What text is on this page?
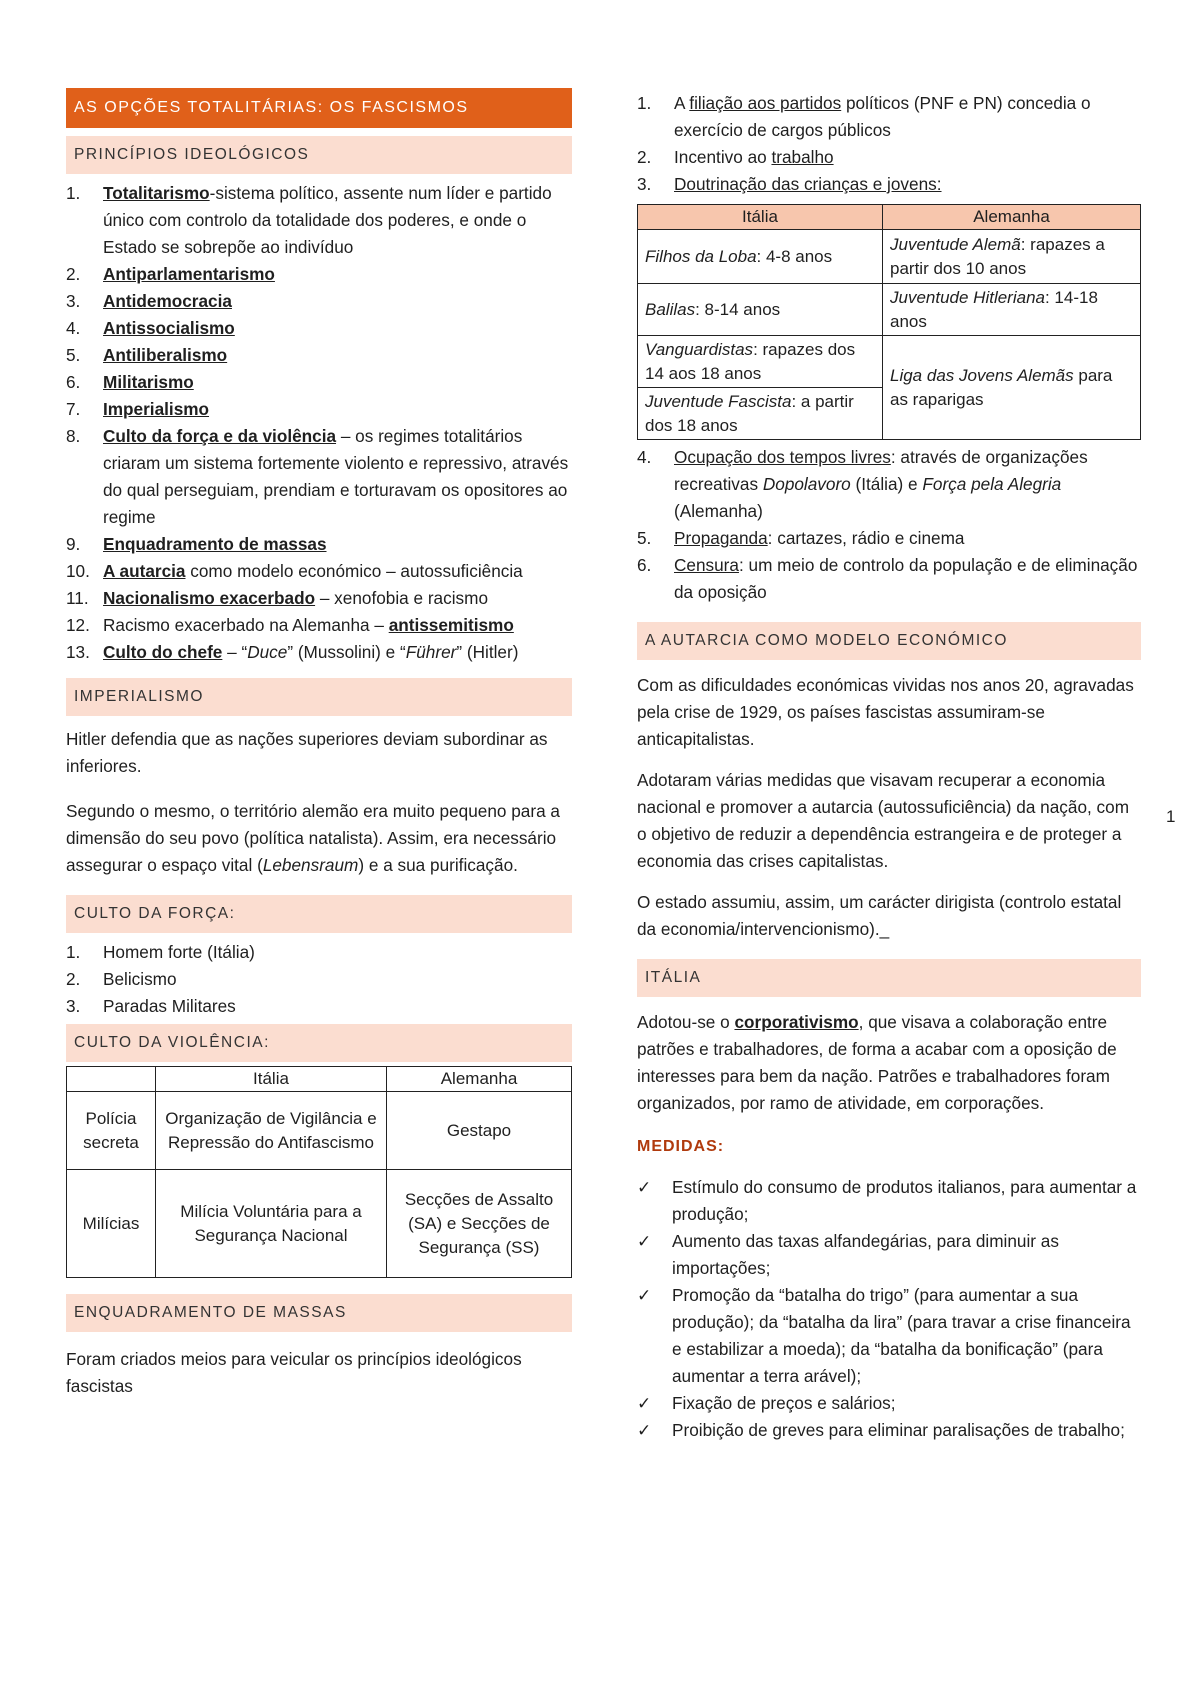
AS OPÇÕES TOTALITÁRIAS: OS FASCISMOS
PRINCÍPIOS IDEOLÓGICOS
1. Totalitarismo-sistema político, assente num líder e partido único com controlo da totalidade dos poderes, e onde o Estado se sobrepõe ao indivíduo
2. Antiparlamentarismo
3. Antidemocracia
4. Antissocialismo
5. Antiliberalismo
6. Militarismo
7. Imperialismo
8. Culto da força e da violência – os regimes totalitários criaram um sistema fortemente violento e repressivo, através do qual perseguiam, prendiam e torturavam os opositores ao regime
9. Enquadramento de massas
10. A autarcia como modelo económico – autossuficiência
11. Nacionalismo exacerbado – xenofobia e racismo
12. Racismo exacerbado na Alemanha – antissemitismo
13. Culto do chefe – “Duce” (Mussolini) e “Führer” (Hitler)
IMPERIALISMO

Hitler defendia que as nações superiores deviam subordinar as inferiores.

Segundo o mesmo, o território alemão era muito pequeno para a dimensão do seu povo (política natalista). Assim, era necessário assegurar o espaço vital (Lebensraum) e a sua purificação.

CULTO DA FORÇA:
1. Homem forte (Itália)
2. Belicismo
3. Paradas Militares
CULTO DA VIOLÊNCIA:
	Itália	Alemanha
Polícia secreta	Organização de Vigilância e Repressão do Antifascismo	Gestapo
Milícias	Milícia Voluntária para a Segurança Nacional	Secções de Assalto (SA) e Secções de Segurança (SS)
ENQUADRAMENTO DE MASSAS

Foram criados meios para veicular os princípios ideológicos fascistas

1. A filiação aos partidos políticos (PNF e PN) concedia o exercício de cargos públicos
2. Incentivo ao trabalho
3. Doutrinação das crianças e jovens:
Itália	Alemanha
Filhos da Loba: 4-8 anos	Juventude Alemã: rapazes a partir dos 10 anos
Balilas: 8-14 anos	Juventude Hitleriana: 14-18 anos
Vanguardistas: rapazes dos 14 aos 18 anos	Liga das Jovens Alemãs para as raparigas
Juventude Fascista: a partir dos 18 anos	
4. Ocupação dos tempos livres: através de organizações recreativas Dopolavoro (Itália) e Força pela Alegria (Alemanha)
5. Propaganda: cartazes, rádio e cinema
6. Censura: um meio de controlo da população e de eliminação da oposição
A AUTARCIA COMO MODELO ECONÓMICO

Com as dificuldades económicas vividas nos anos 20, agravadas pela crise de 1929, os países fascistas assumiram-se anticapitalistas.

Adotaram várias medidas que visavam recuperar a economia nacional e promover a autarcia (autossuficiência) da nação, com o objetivo de reduzir a dependência estrangeira e de proteger a economia das crises capitalistas.

O estado assumiu, assim, um carácter dirigista (controlo estatal da economia/intervencionismo)._

ITÁLIA

Adotou-se o corporativismo, que visava a colaboração entre patrões e trabalhadores, de forma a acabar com a oposição de interesses para bem da nação. Patrões e trabalhadores foram organizados, por ramo de atividade, em corporações.

MEDIDAS:
✓ Estímulo do consumo de produtos italianos, para aumentar a produção;
✓ Aumento das taxas alfandegárias, para diminuir as importações;
✓ Promoção da “batalha do trigo” (para aumentar a sua produção); da “batalha da lira” (para travar a crise financeira e estabilizar a moeda); da “batalha da bonificação” (para aumentar a terra arável);
✓ Fixação de preços e salários;
✓ Proibição de greves para eliminar paralisações de trabalho;
1
